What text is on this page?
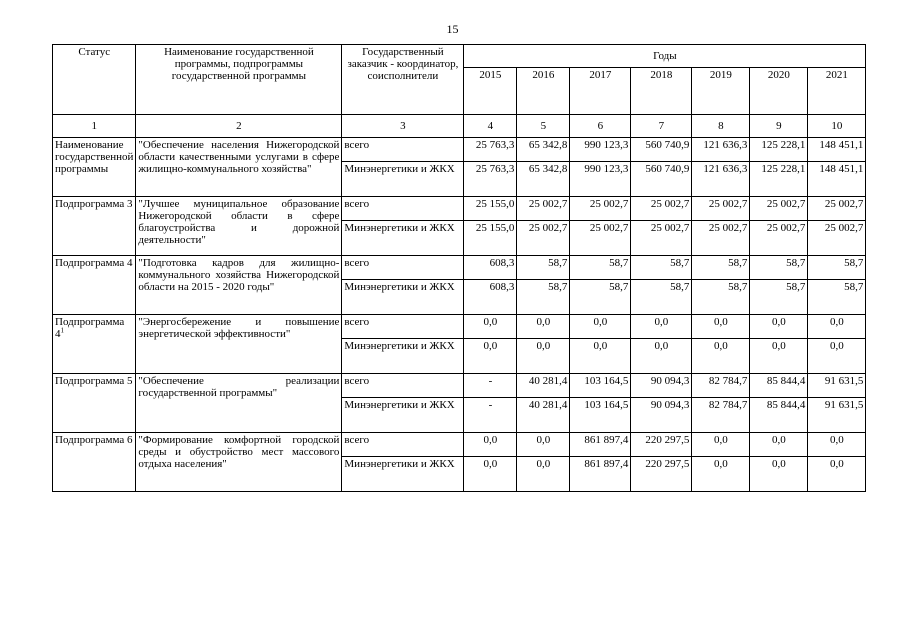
15
Статус	Наименование государственной программы, подпрограммы государственной программы	Государственный заказчик - координатор, соисполнители	Годы						
			2015	2016	2017	2018	2019	2020	2021
1	2	3	4	5	6	7	8	9	10
Наименование государственной программы	"Обеспечение населения Нижегородской области качественными услугами в сфере жилищно-коммунального хозяйства"	всего	25 763,3	65 342,8	990 123,3	560 740,9	121 636,3	125 228,1	148 451,1
		Минэнергетики и ЖКХ	25 763,3	65 342,8	990 123,3	560 740,9	121 636,3	125 228,1	148 451,1
Подпрограмма 3	"Лучшее муниципальное образование Нижегородской области в сфере благоустройства и дорожной деятельности"	всего	25 155,0	25 002,7	25 002,7	25 002,7	25 002,7	25 002,7	25 002,7
		Минэнергетики и ЖКХ	25 155,0	25 002,7	25 002,7	25 002,7	25 002,7	25 002,7	25 002,7
Подпрограмма 4	"Подготовка кадров для жилищно-коммунального хозяйства Нижегородской области на 2015 - 2020 годы"	всего	608,3	58,7	58,7	58,7	58,7	58,7	58,7
		Минэнергетики и ЖКХ	608,3	58,7	58,7	58,7	58,7	58,7	58,7
Подпрограмма $4^1$	"Энергосбережение и повышение энергетической эффективности"	всего	0,0	0,0	0,0	0,0	0,0	0,0	0,0
		Минэнергетики и ЖКХ	0,0	0,0	0,0	0,0	0,0	0,0	0,0
Подпрограмма 5	"Обеспечение реализации государственной программы"	всего	-	40 281,4	103 164,5	90 094,3	82 784,7	85 844,4	91 631,5
		Минэнергетики и ЖКХ	-	40 281,4	103 164,5	90 094,3	82 784,7	85 844,4	91 631,5
Подпрограмма 6	"Формирование комфортной городской среды и обустройство мест массового отдыха населения"	всего	0,0	0,0	861 897,4	220 297,5	0,0	0,0	0,0
		Минэнергетики и ЖКХ	0,0	0,0	861 897,4	220 297,5	0,0	0,0	0,0
